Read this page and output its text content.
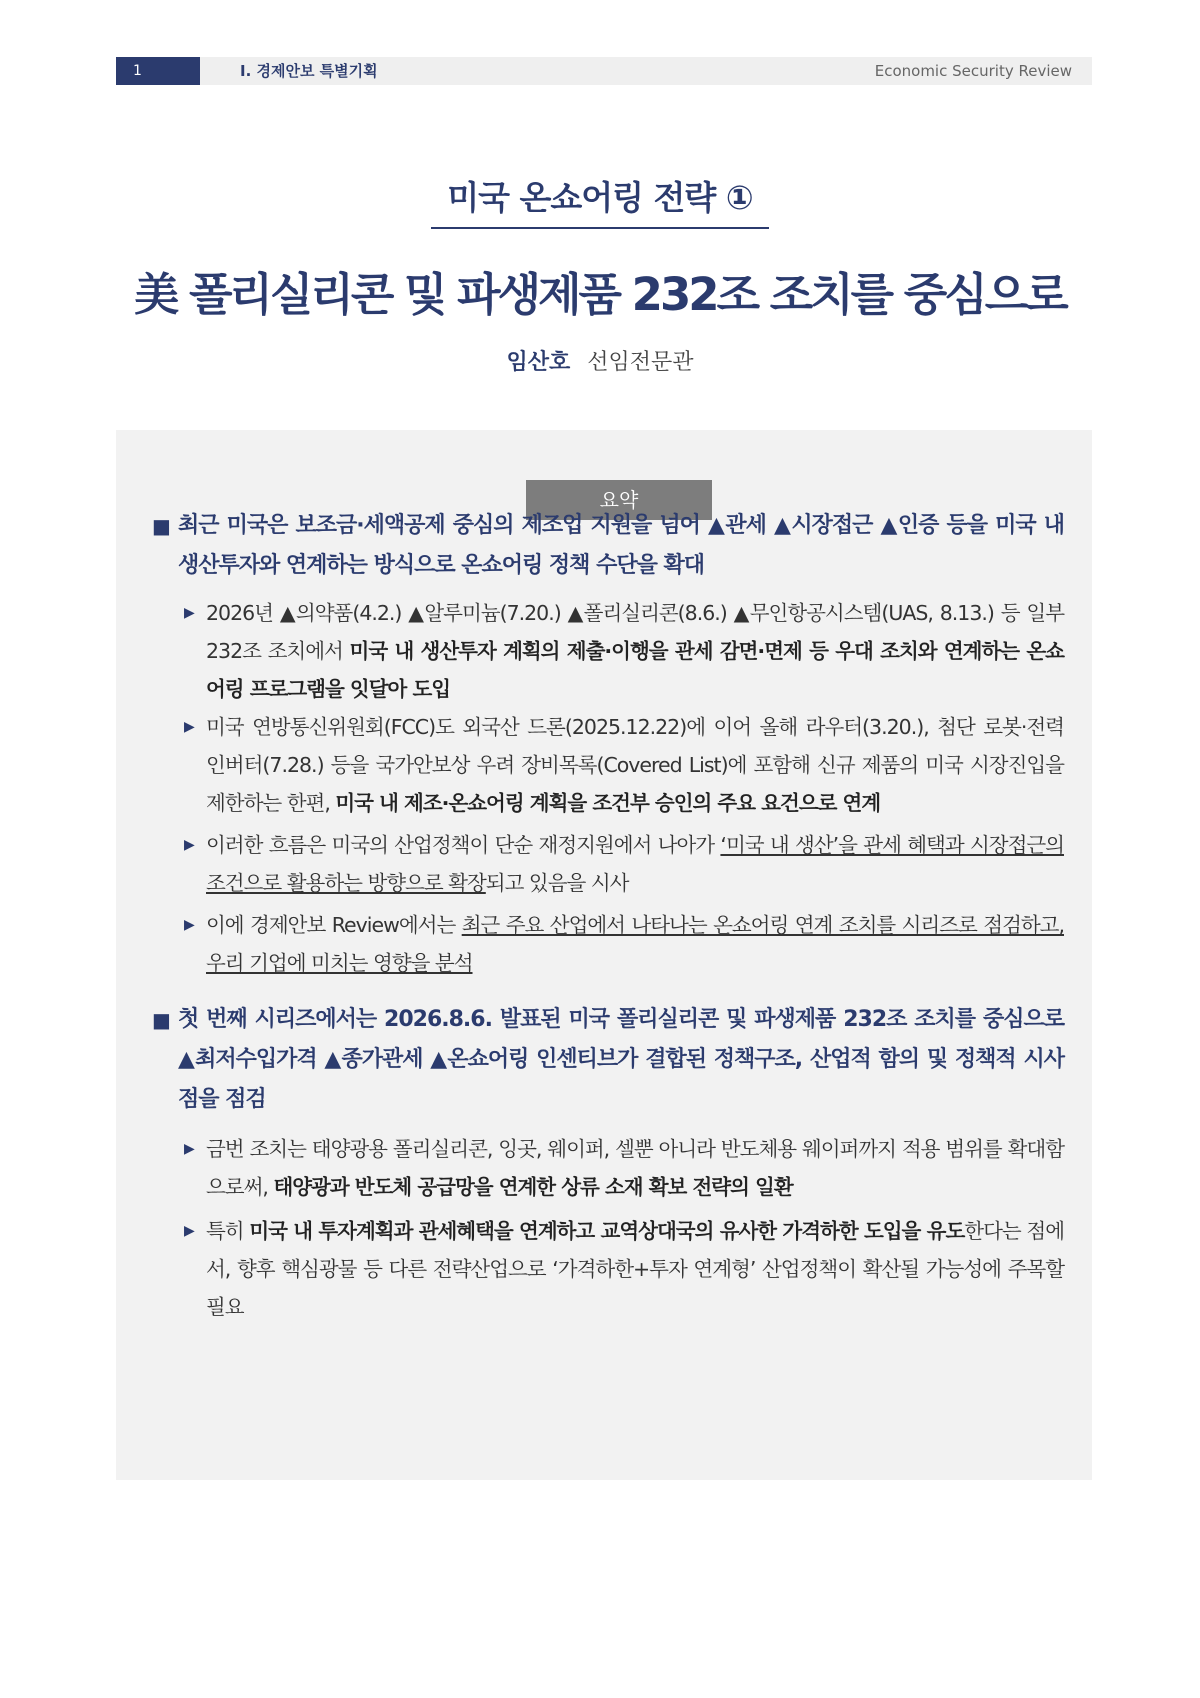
1	Ⅰ. 경제안보 특별기획	Economic Security Review
미국 온쇼어링 전략 ①
美 폴리실리콘 및 파생제품 232조 조치를 중심으로
임산호 선임전문관
요약
■ 최근 미국은 보조금·세액공제 중심의 제조업 지원을 넘어 ▲관세 ▲시장접근 ▲인증 등을 미국 내 생산투자와 연계하는 방식으로 온쇼어링 정책 수단을 확대
▶ 2026년 ▲의약품(4.2.) ▲알루미늄(7.20.) ▲폴리실리콘(8.6.) ▲무인항공시스템(UAS, 8.13.) 등 일부 232조 조치에서 미국 내 생산투자 계획의 제출·이행을 관세 감면·면제 등 우대 조치와 연계하는 온쇼어링 프로그램을 잇달아 도입
▶ 미국 연방통신위원회(FCC)도 외국산 드론(2025.12.22)에 이어 올해 라우터(3.20.), 첨단 로봇·전력 인버터(7.28.) 등을 국가안보상 우려 장비목록(Covered List)에 포함해 신규 제품의 미국 시장진입을 제한하는 한편, 미국 내 제조·온쇼어링 계획을 조건부 승인의 주요 요건으로 연계
▶ 이러한 흐름은 미국의 산업정책이 단순 재정지원에서 나아가 ‘미국 내 생산’을 관세 혜택과 시장접근의 조건으로 활용하는 방향으로 확장되고 있음을 시사
▶ 이에 경제안보 Review에서는 최근 주요 산업에서 나타나는 온쇼어링 연계 조치를 시리즈로 점검하고, 우리 기업에 미치는 영향을 분석
■ 첫 번째 시리즈에서는 2026.8.6. 발표된 미국 폴리실리콘 및 파생제품 232조 조치를 중심으로 ▲최저수입가격 ▲종가관세 ▲온쇼어링 인센티브가 결합된 정책구조, 산업적 함의 및 정책적 시사점을 점검
▶ 금번 조치는 태양광용 폴리실리콘, 잉곳, 웨이퍼, 셀뿐 아니라 반도체용 웨이퍼까지 적용 범위를 확대함으로써, 태양광과 반도체 공급망을 연계한 상류 소재 확보 전략의 일환
▶ 특히 미국 내 투자계획과 관세혜택을 연계하고 교역상대국의 유사한 가격하한 도입을 유도한다는 점에서, 향후 핵심광물 등 다른 전략산업으로 ‘가격하한+투자 연계형’ 산업정책이 확산될 가능성에 주목할 필요
